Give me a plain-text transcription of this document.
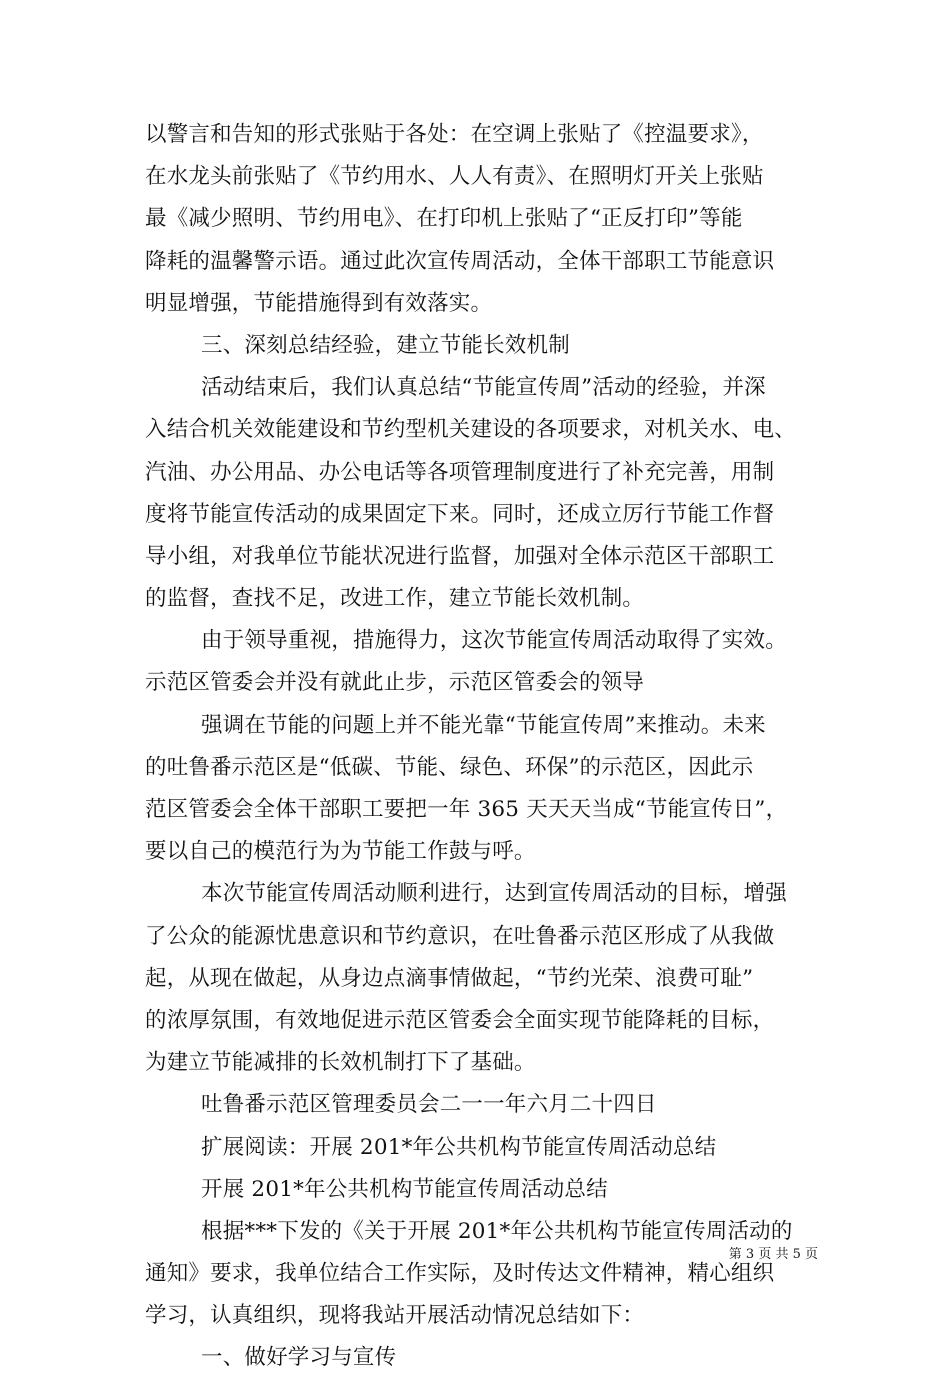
以警言和告知的形式张贴于各处：在空调上张贴了《控温要求》，
在水龙头前张贴了《节约用水、人人有责》、在照明灯开关上张贴
最《减少照明、节约用电》、在打印机上张贴了“正反打印”等能
降耗的温馨警示语。通过此次宣传周活动，全体干部职工节能意识
明显增强，节能措施得到有效落实。
三、深刻总结经验，建立节能长效机制
活动结束后，我们认真总结“节能宣传周”活动的经验，并深
入结合机关效能建设和节约型机关建设的各项要求，对机关水、电、
汽油、办公用品、办公电话等各项管理制度进行了补充完善，用制
度将节能宣传活动的成果固定下来。同时，还成立厉行节能工作督
导小组，对我单位节能状况进行监督，加强对全体示范区干部职工
的监督，查找不足，改进工作，建立节能长效机制。
由于领导重视，措施得力，这次节能宣传周活动取得了实效。
示范区管委会并没有就此止步，示范区管委会的领导
强调在节能的问题上并不能光靠“节能宣传周”来推动。未来
的吐鲁番示范区是“低碳、节能、绿色、环保”的示范区，因此示
范区管委会全体干部职工要把一年 365 天天天当成“节能宣传日”，
要以自己的模范行为为节能工作鼓与呼。
本次节能宣传周活动顺利进行，达到宣传周活动的目标，增强
了公众的能源忧患意识和节约意识，在吐鲁番示范区形成了从我做
起，从现在做起，从身边点滴事情做起，“节约光荣、浪费可耻”
的浓厚氛围，有效地促进示范区管委会全面实现节能降耗的目标，
为建立节能减排的长效机制打下了基础。
吐鲁番示范区管理委员会二一一年六月二十四日
扩展阅读：开展 201*年公共机构节能宣传周活动总结
开展 201*年公共机构节能宣传周活动总结
根据***下发的《关于开展 201*年公共机构节能宣传周活动的
通知》要求，我单位结合工作实际，及时传达文件精神，精心组织
学习，认真组织，现将我站开展活动情况总结如下：
一、做好学习与宣传
第 3 页 共 5 页
